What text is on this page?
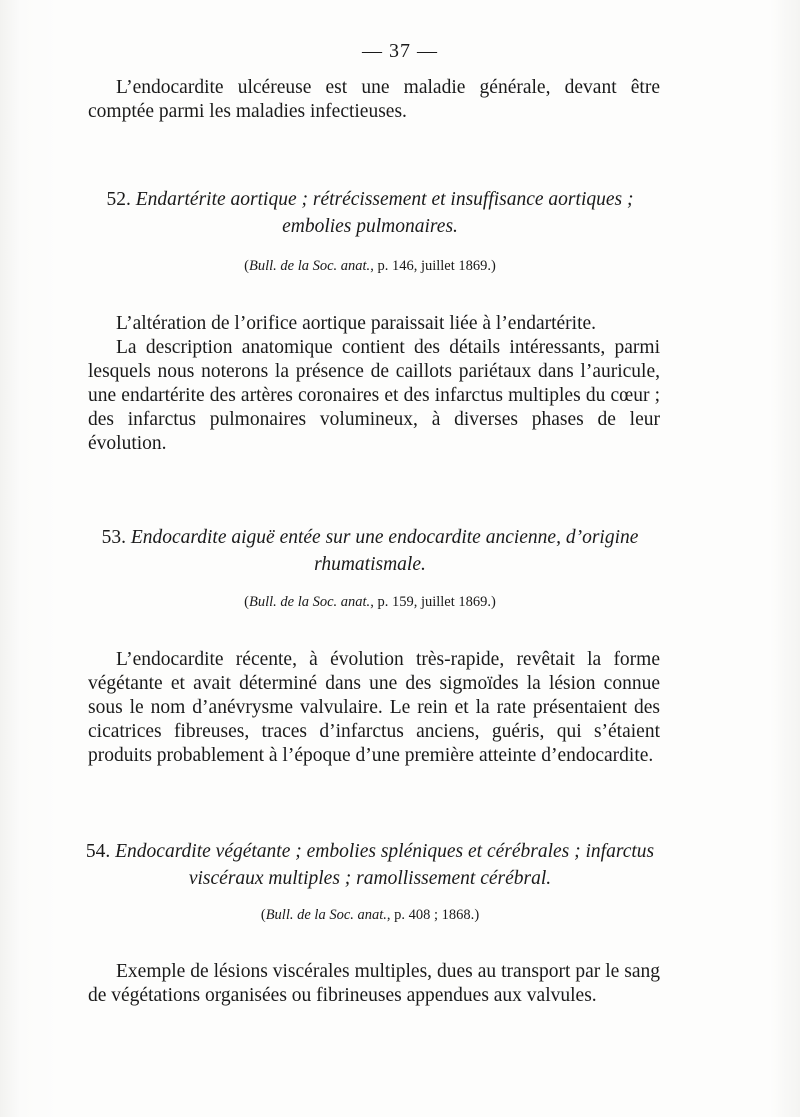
— 37 —

L’endocardite ulcéreuse est une maladie générale, devant être comptée parmi les maladies infectieuses.

52. Endartérite aortique ; rétrécissement et insuffisance aortiques ; embolies pulmonaires.

(Bull. de la Soc. anat., p. 146, juillet 1869.)

L’altération de l’orifice aortique paraissait liée à l’endartérite.

La description anatomique contient des détails intéressants, parmi lesquels nous noterons la présence de caillots pariétaux dans l’auricule, une endartérite des artères coronaires et des infarctus multiples du cœur ; des infarctus pulmonaires volumineux, à diverses phases de leur évolution.

53. Endocardite aiguë entée sur une endocardite ancienne, d’origine rhumatismale.

(Bull. de la Soc. anat., p. 159, juillet 1869.)

L’endocardite récente, à évolution très-rapide, revêtait la forme végétante et avait déterminé dans une des sigmoïdes la lésion connue sous le nom d’anévrysme valvulaire. Le rein et la rate présentaient des cicatrices fibreuses, traces d’infarctus anciens, guéris, qui s’étaient produits probablement à l’époque d’une première atteinte d’endocardite.

54. Endocardite végétante ; embolies spléniques et cérébrales ; infarctus viscéraux multiples ; ramollissement cérébral.

(Bull. de la Soc. anat., p. 408 ; 1868.)

Exemple de lésions viscérales multiples, dues au transport par le sang de végétations organisées ou fibrineuses appendues aux valvules.
